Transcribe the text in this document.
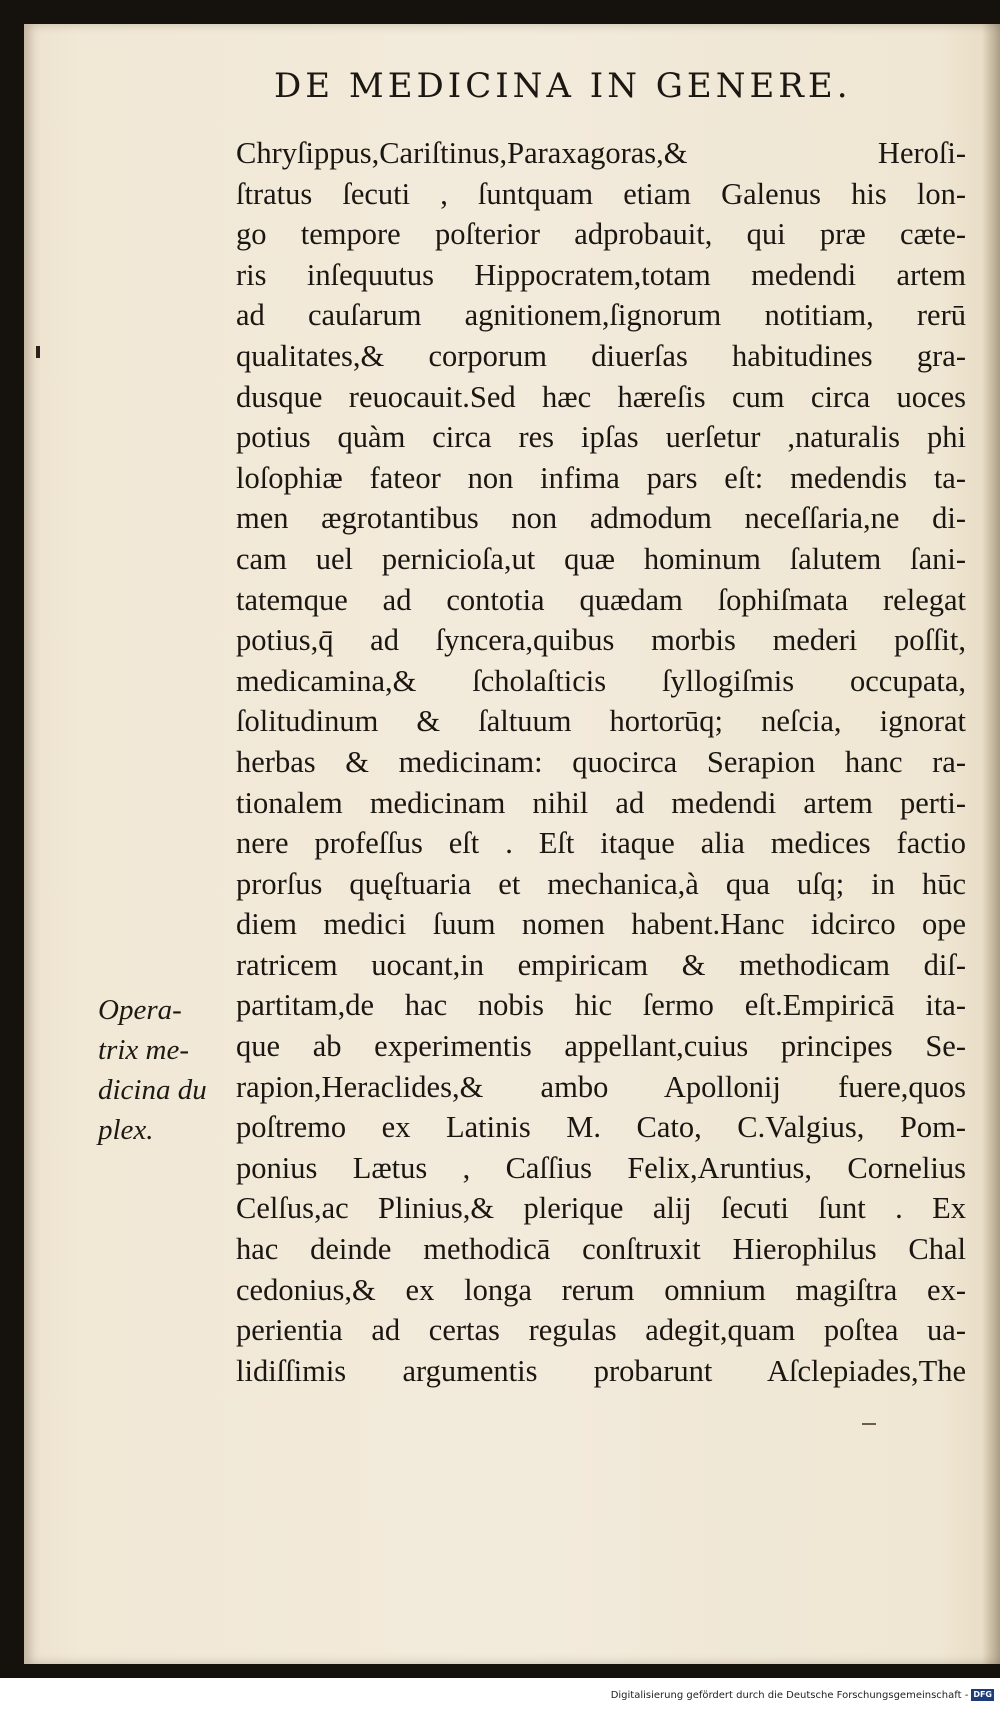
DE MEDICINA IN GENERE.
Chryſippus,Cariſtinus,Paraxagoras,& Heroſi-
ſtratus ſecuti , ſuntquam etiam Galenus his lon-
go tempore poſterior adprobauit, qui præ cæte-
ris inſequutus Hippocratem,totam medendi artem
ad cauſarum agnitionem,ſignorum notitiam, rerū
qualitates,& corporum diuerſas habitudines gra-
dusque reuocauit.Sed hæc hæreſis cum circa uoces
potius quàm circa res ipſas uerſetur ,naturalis phi
loſophiæ fateor non infima pars eſt: medendis ta-
men ægrotantibus non admodum neceſſaria,ne di-
cam uel pernicioſa,ut quæ hominum ſalutem ſani-
tatemque ad contotia quædam ſophiſmata relegat
potius,q̄ ad ſyncera,quibus morbis mederi poſſit,
medicamina,& ſcholaſticis ſyllogiſmis occupata,
ſolitudinum & ſaltuum hortorūq; neſcia, ignorat
herbas & medicinam: quocirca Serapion hanc ra-
tionalem medicinam nihil ad medendi artem perti-
nere profeſſus eſt . Eſt itaque alia medices factio
prorſus quęſtuaria et mechanica,à qua uſq; in hūc
diem medici ſuum nomen habent.Hanc idcirco ope
ratricem uocant,in empiricam & methodicam diſ-
partitam,de hac nobis hic ſermo eſt.Empiricā ita-
que ab experimentis appellant,cuius principes Se-
rapion,Heraclides,& ambo Apollonij fuere,quos
poſtremo ex Latinis M. Cato, C.Valgius, Pom-
ponius Lætus , Caſſius Felix,Aruntius, Cornelius
Celſus,ac Plinius,& plerique alij ſecuti ſunt . Ex
hac deinde methodicā conſtruxit Hierophilus Chal
cedonius,& ex longa rerum omnium magiſtra ex-
perientia ad certas regulas adegit,quam poſtea ua-
lidiſſimis argumentis probarunt Aſclepiades,The
Operа-
trix me-
dicina du
plex.
Digitalisierung gefördert durch die Deutsche Forschungsgemeinschaft - DFG
